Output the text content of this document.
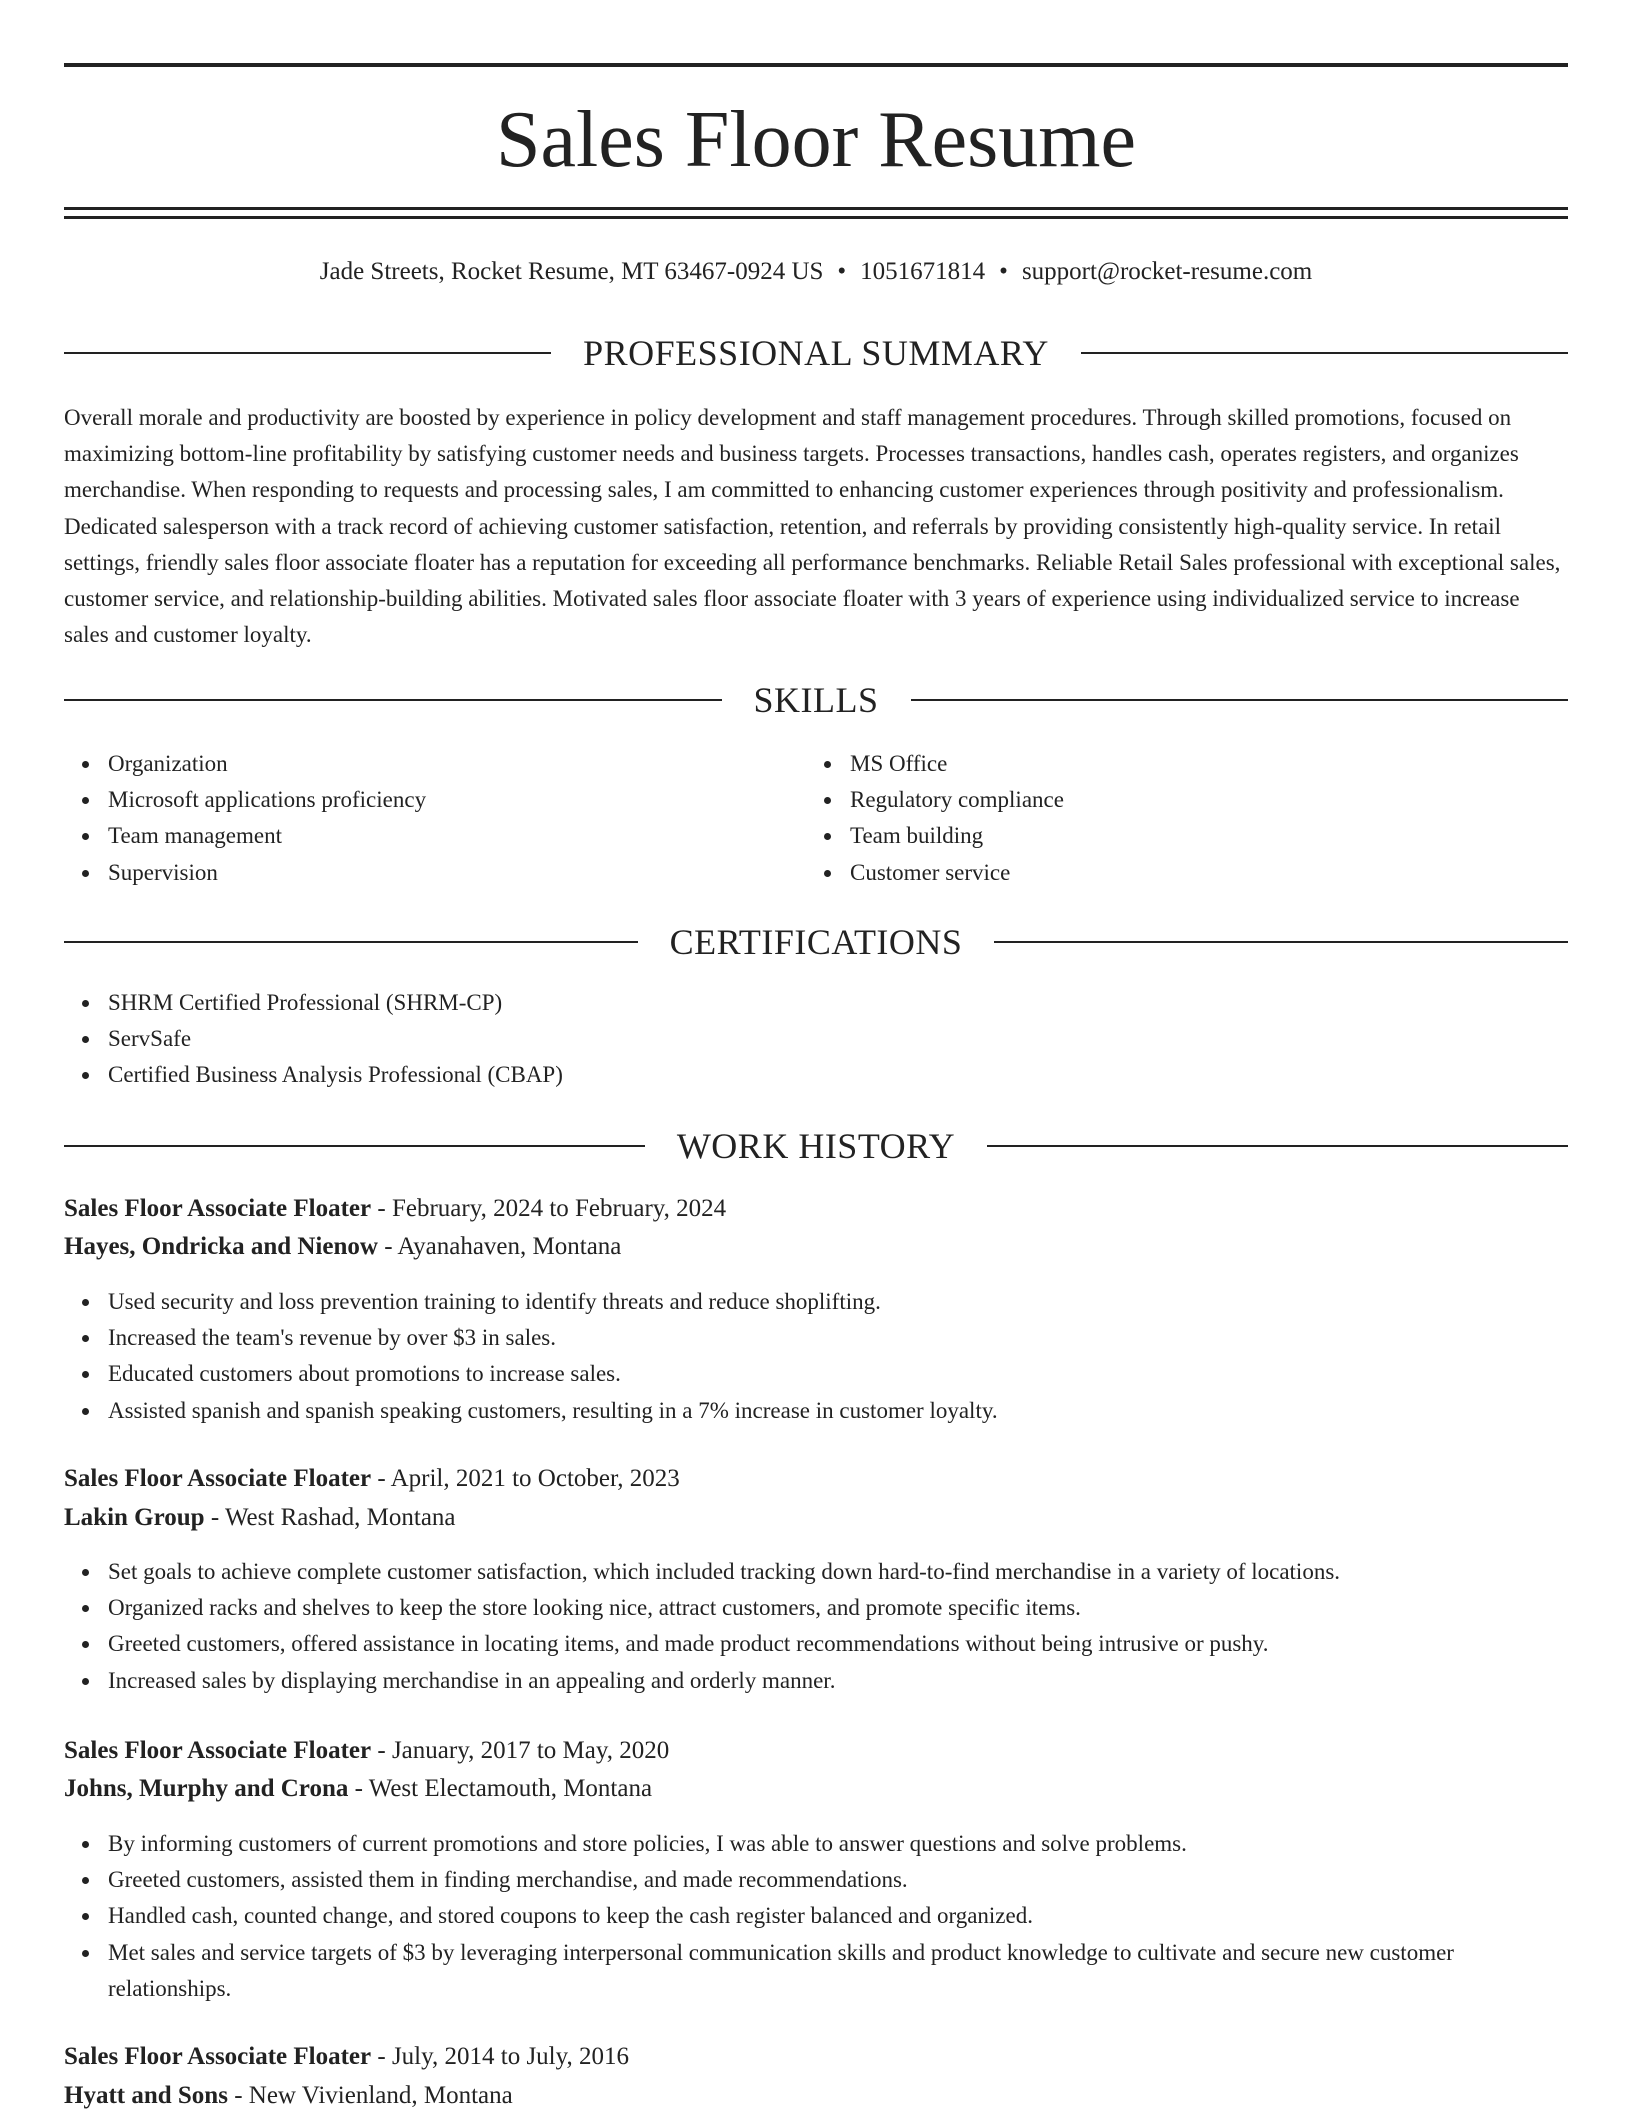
Sales Floor Resume
Jade Streets, Rocket Resume, MT 63467-0924 US • 1051671814 • support@rocket-resume.com
PROFESSIONAL SUMMARY

Overall morale and productivity are boosted by experience in policy development and staff management procedures. Through skilled promotions, focused on maximizing bottom-line profitability by satisfying customer needs and business targets. Processes transactions, handles cash, operates registers, and organizes merchandise. When responding to requests and processing sales, I am committed to enhancing customer experiences through positivity and professionalism. Dedicated salesperson with a track record of achieving customer satisfaction, retention, and referrals by providing consistently high-quality service. In retail settings, friendly sales floor associate floater has a reputation for exceeding all performance benchmarks. Reliable Retail Sales professional with exceptional sales, customer service, and relationship-building abilities. Motivated sales floor associate floater with 3 years of experience using individualized service to increase sales and customer loyalty.

SKILLS
Organization
Microsoft applications proficiency
Team management
Supervision
MS Office
Regulatory compliance
Team building
Customer service
CERTIFICATIONS
SHRM Certified Professional (SHRM-CP)
ServSafe
Certified Business Analysis Professional (CBAP)
WORK HISTORY
Sales Floor Associate Floater - February, 2024 to February, 2024
Hayes, Ondricka and Nienow - Ayanahaven, Montana
Used security and loss prevention training to identify threats and reduce shoplifting.
Increased the team's revenue by over $3 in sales.
Educated customers about promotions to increase sales.
Assisted spanish and spanish speaking customers, resulting in a 7% increase in customer loyalty.
Sales Floor Associate Floater - April, 2021 to October, 2023
Lakin Group - West Rashad, Montana
Set goals to achieve complete customer satisfaction, which included tracking down hard-to-find merchandise in a variety of locations.
Organized racks and shelves to keep the store looking nice, attract customers, and promote specific items.
Greeted customers, offered assistance in locating items, and made product recommendations without being intrusive or pushy.
Increased sales by displaying merchandise in an appealing and orderly manner.
Sales Floor Associate Floater - January, 2017 to May, 2020
Johns, Murphy and Crona - West Electamouth, Montana
By informing customers of current promotions and store policies, I was able to answer questions and solve problems.
Greeted customers, assisted them in finding merchandise, and made recommendations.
Handled cash, counted change, and stored coupons to keep the cash register balanced and organized.
Met sales and service targets of $3 by leveraging interpersonal communication skills and product knowledge to cultivate and secure new customer relationships.
Sales Floor Associate Floater - July, 2014 to July, 2016
Hyatt and Sons - New Vivienland, Montana
